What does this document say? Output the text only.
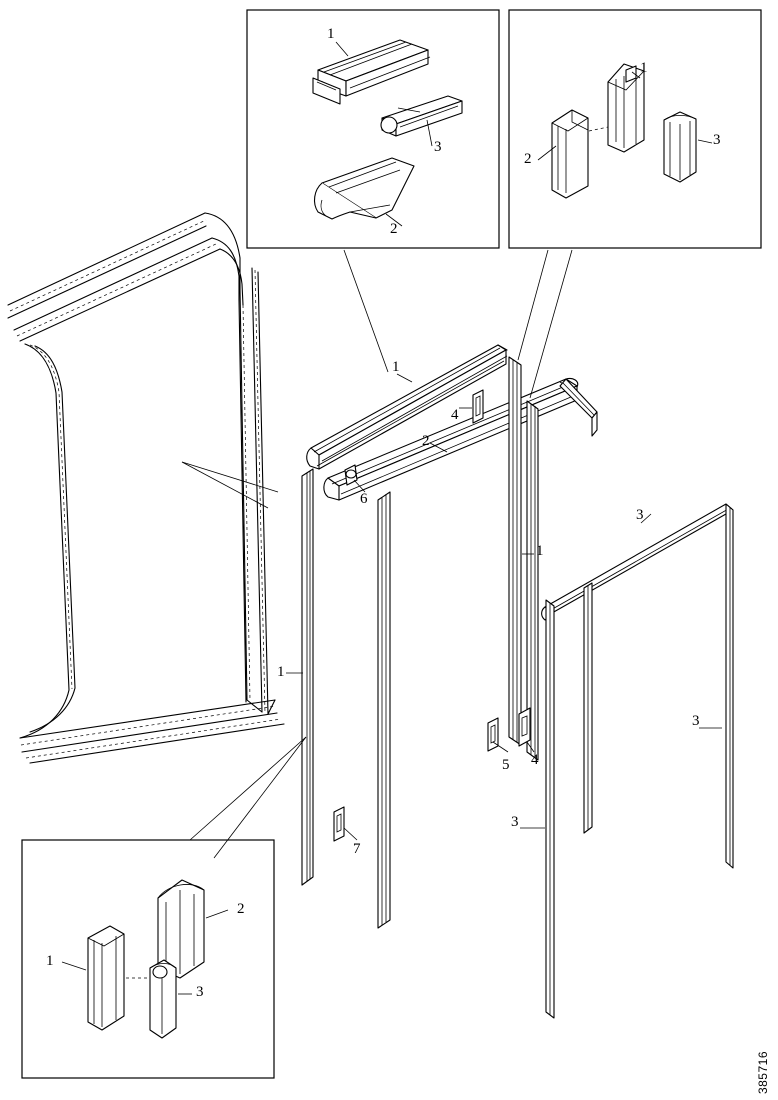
1
3
2
1
2
3
2
1
3
1
2
4
6
1
1
5 4
7
3
3
3
385716
